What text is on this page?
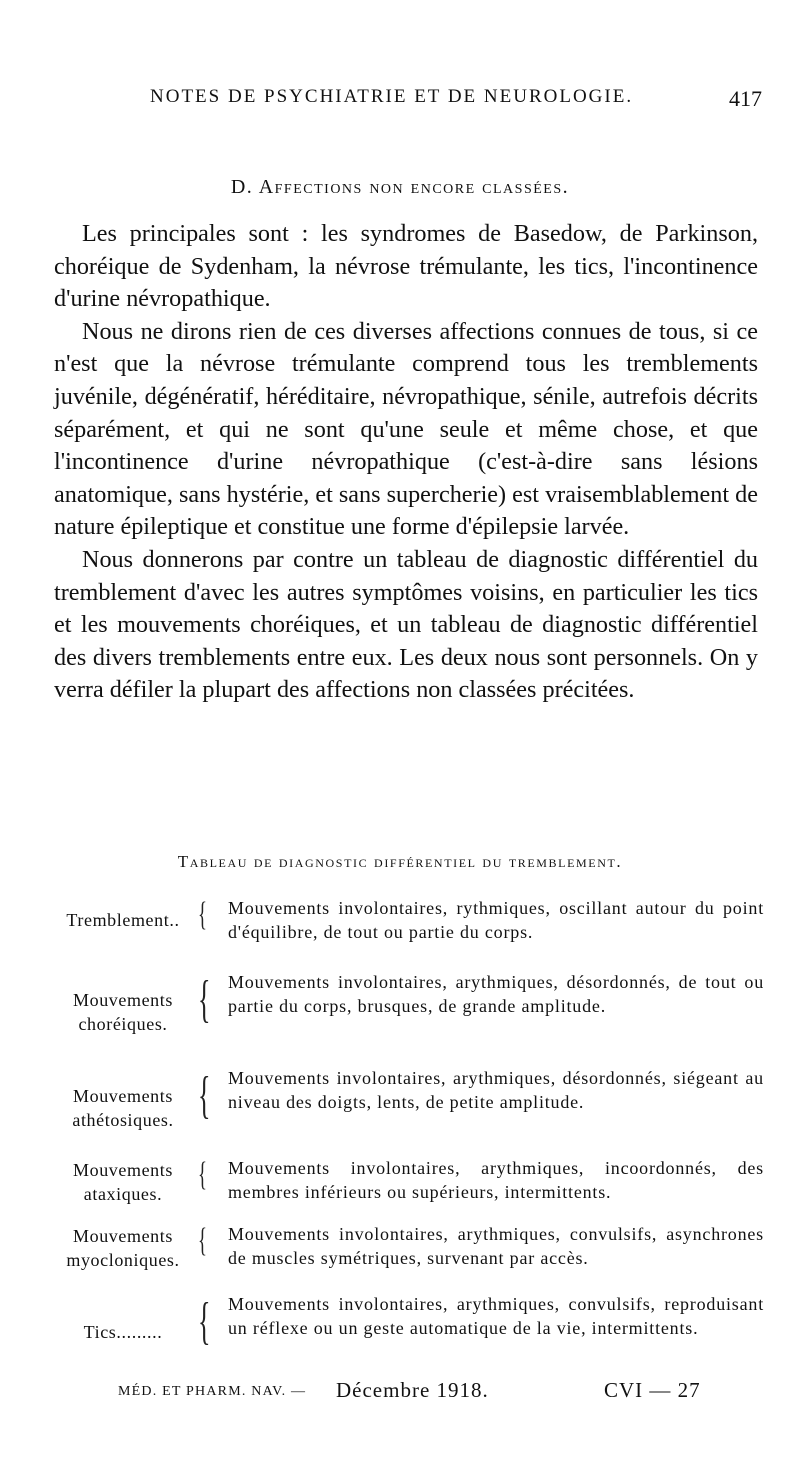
NOTES DE PSYCHIATRIE ET DE NEUROLOGIE.	417
D. Affections non encore classées.

Les principales sont : les syndromes de Basedow, de Parkinson, choréique de Sydenham, la névrose trémulante, les tics, l'incontinence d'urine névropathique.

Nous ne dirons rien de ces diverses affections connues de tous, si ce n'est que la névrose trémulante comprend tous les tremblements juvénile, dégénératif, héréditaire, névropathique, sénile, autrefois décrits séparément, et qui ne sont qu'une seule et même chose, et que l'incontinence d'urine névropathique (c'est-à-dire sans lésions anatomique, sans hystérie, et sans supercherie) est vraisemblablement de nature épileptique et constitue une forme d'épilepsie larvée.

Nous donnerons par contre un tableau de diagnostic différentiel du tremblement d'avec les autres symptômes voisins, en particulier les tics et les mouvements choréiques, et un tableau de diagnostic différentiel des divers tremblements entre eux. Les deux nous sont personnels. On y verra défiler la plupart des affections non classées précitées.

Tableau de diagnostic différentiel du tremblement.
Tremblement.. { Mouvements involontaires, rythmiques, oscillant autour du point d'équilibre, de tout ou partie du corps.
Mouvements choréiques. { Mouvements involontaires, arythmiques, désordonnés, de tout ou partie du corps, brusques, de grande amplitude.
Mouvements athétosiques. { Mouvements involontaires, arythmiques, désordonnés, siégeant au niveau des doigts, lents, de petite amplitude.
Mouvements ataxiques.
{ Mouvements involontaires, arythmiques, incoordonnés, des membres inférieurs ou supérieurs, intermittents.
Mouvements myocloniques.
{ Mouvements involontaires, arythmiques, convulsifs, asynchrones de muscles symétriques, survenant par accès.
Tics......... { Mouvements involontaires, arythmiques, convulsifs, reproduisant un réflexe ou un geste automatique de la vie, intermittents.
MÉD. ET PHARM. NAV. — Décembre 1918.	CVI — 27
